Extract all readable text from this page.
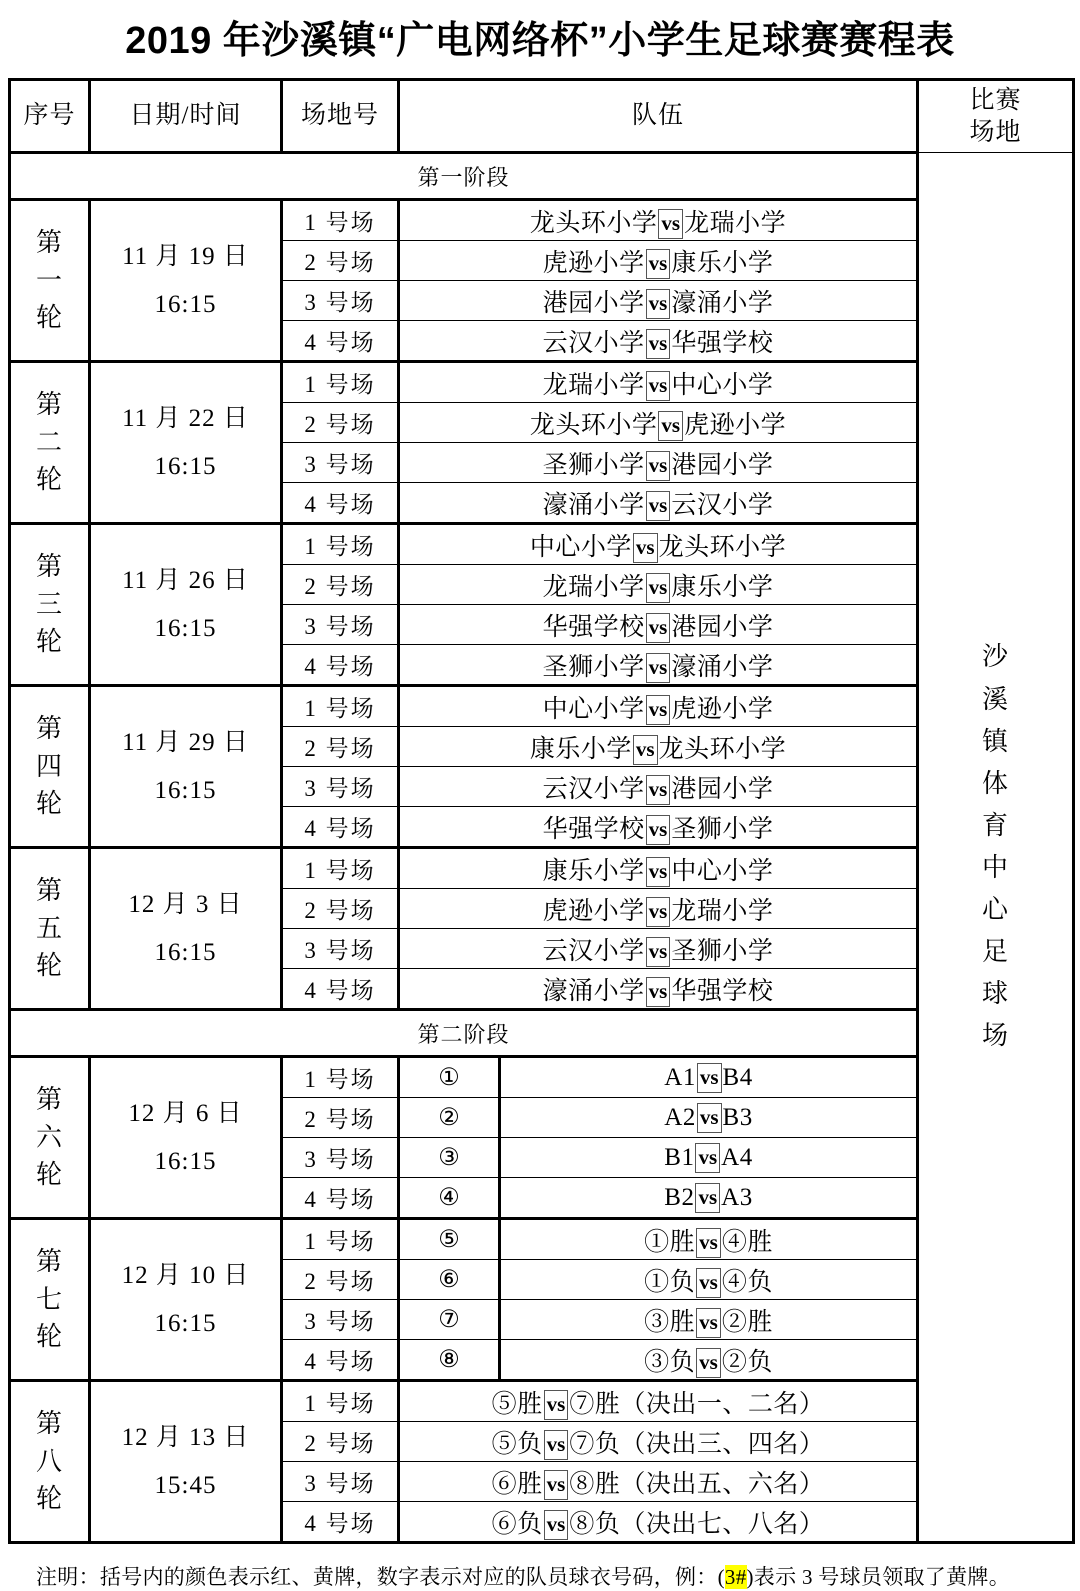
2019 年沙溪镇“广电网络杯”小学生足球赛赛程表
序号	日期/时间	场地号	队伍		比赛
场地
第一阶段	
沙
溪
镇
体
育
中
心
足
球
场

第
一
轮	11 月 19 日
16:15	1 号场	龙头环小学 vs 龙瑞小学		
		2 号场	虎逊小学 vs 康乐小学		
		3 号场	港园小学 vs 濠涌小学		
		4 号场	云汉小学 vs 华强学校		

第
二
轮	11 月 22 日
16:15	1 号场	龙瑞小学 vs 中心小学		
		2 号场	龙头环小学 vs 虎逊小学		
		3 号场	圣狮小学 vs 港园小学		
		4 号场	濠涌小学 vs 云汉小学		

第
三
轮	11 月 26 日
16:15	1 号场	中心小学 vs 龙头环小学		
		2 号场	龙瑞小学 vs 康乐小学		
		3 号场	华强学校 vs 港园小学		
		4 号场	圣狮小学 vs 濠涌小学		

第
四
轮	11 月 29 日
16:15	1 号场	中心小学 vs 虎逊小学		
		2 号场	康乐小学 vs 龙头环小学		
		3 号场	云汉小学 vs 港园小学		
		4 号场	华强学校 vs 圣狮小学		

第
五
轮	12 月 3 日
16:15	1 号场	康乐小学 vs 中心小学		
		2 号场	虎逊小学 vs 龙瑞小学		
		3 号场	云汉小学 vs 圣狮小学		
		4 号场	濠涌小学 vs 华强学校		
第二阶段					

第
六
轮	12 月 6 日
16:15	1 号场	①	A1 vs B4	
		2 号场	②	A2 vs B3	
		3 号场	③	B1 vs A4	
		4 号场	④	B2 vs A3	

第
七
轮	12 月 10 日
16:15	1 号场	⑤	①胜 vs ④胜	
		2 号场	⑥	①负 vs ④负	
		3 号场	⑦	③胜 vs ②胜	
		4 号场	⑧	③负 vs ②负	

第
八
轮	12 月 13 日
15:45	1 号场	⑤胜 vs ⑦胜（决出一、二名）		
		2 号场	⑤负 vs ⑦负（决出三、四名）		
		3 号场	⑥胜 vs ⑧胜（决出五、六名）		
		4 号场	⑥负 vs ⑧负（决出七、八名）		
注明：括号内的颜色表示红、黄牌，数字表示对应的队员球衣号码，例：(3#)表示 3 号球员领取了黄牌。
